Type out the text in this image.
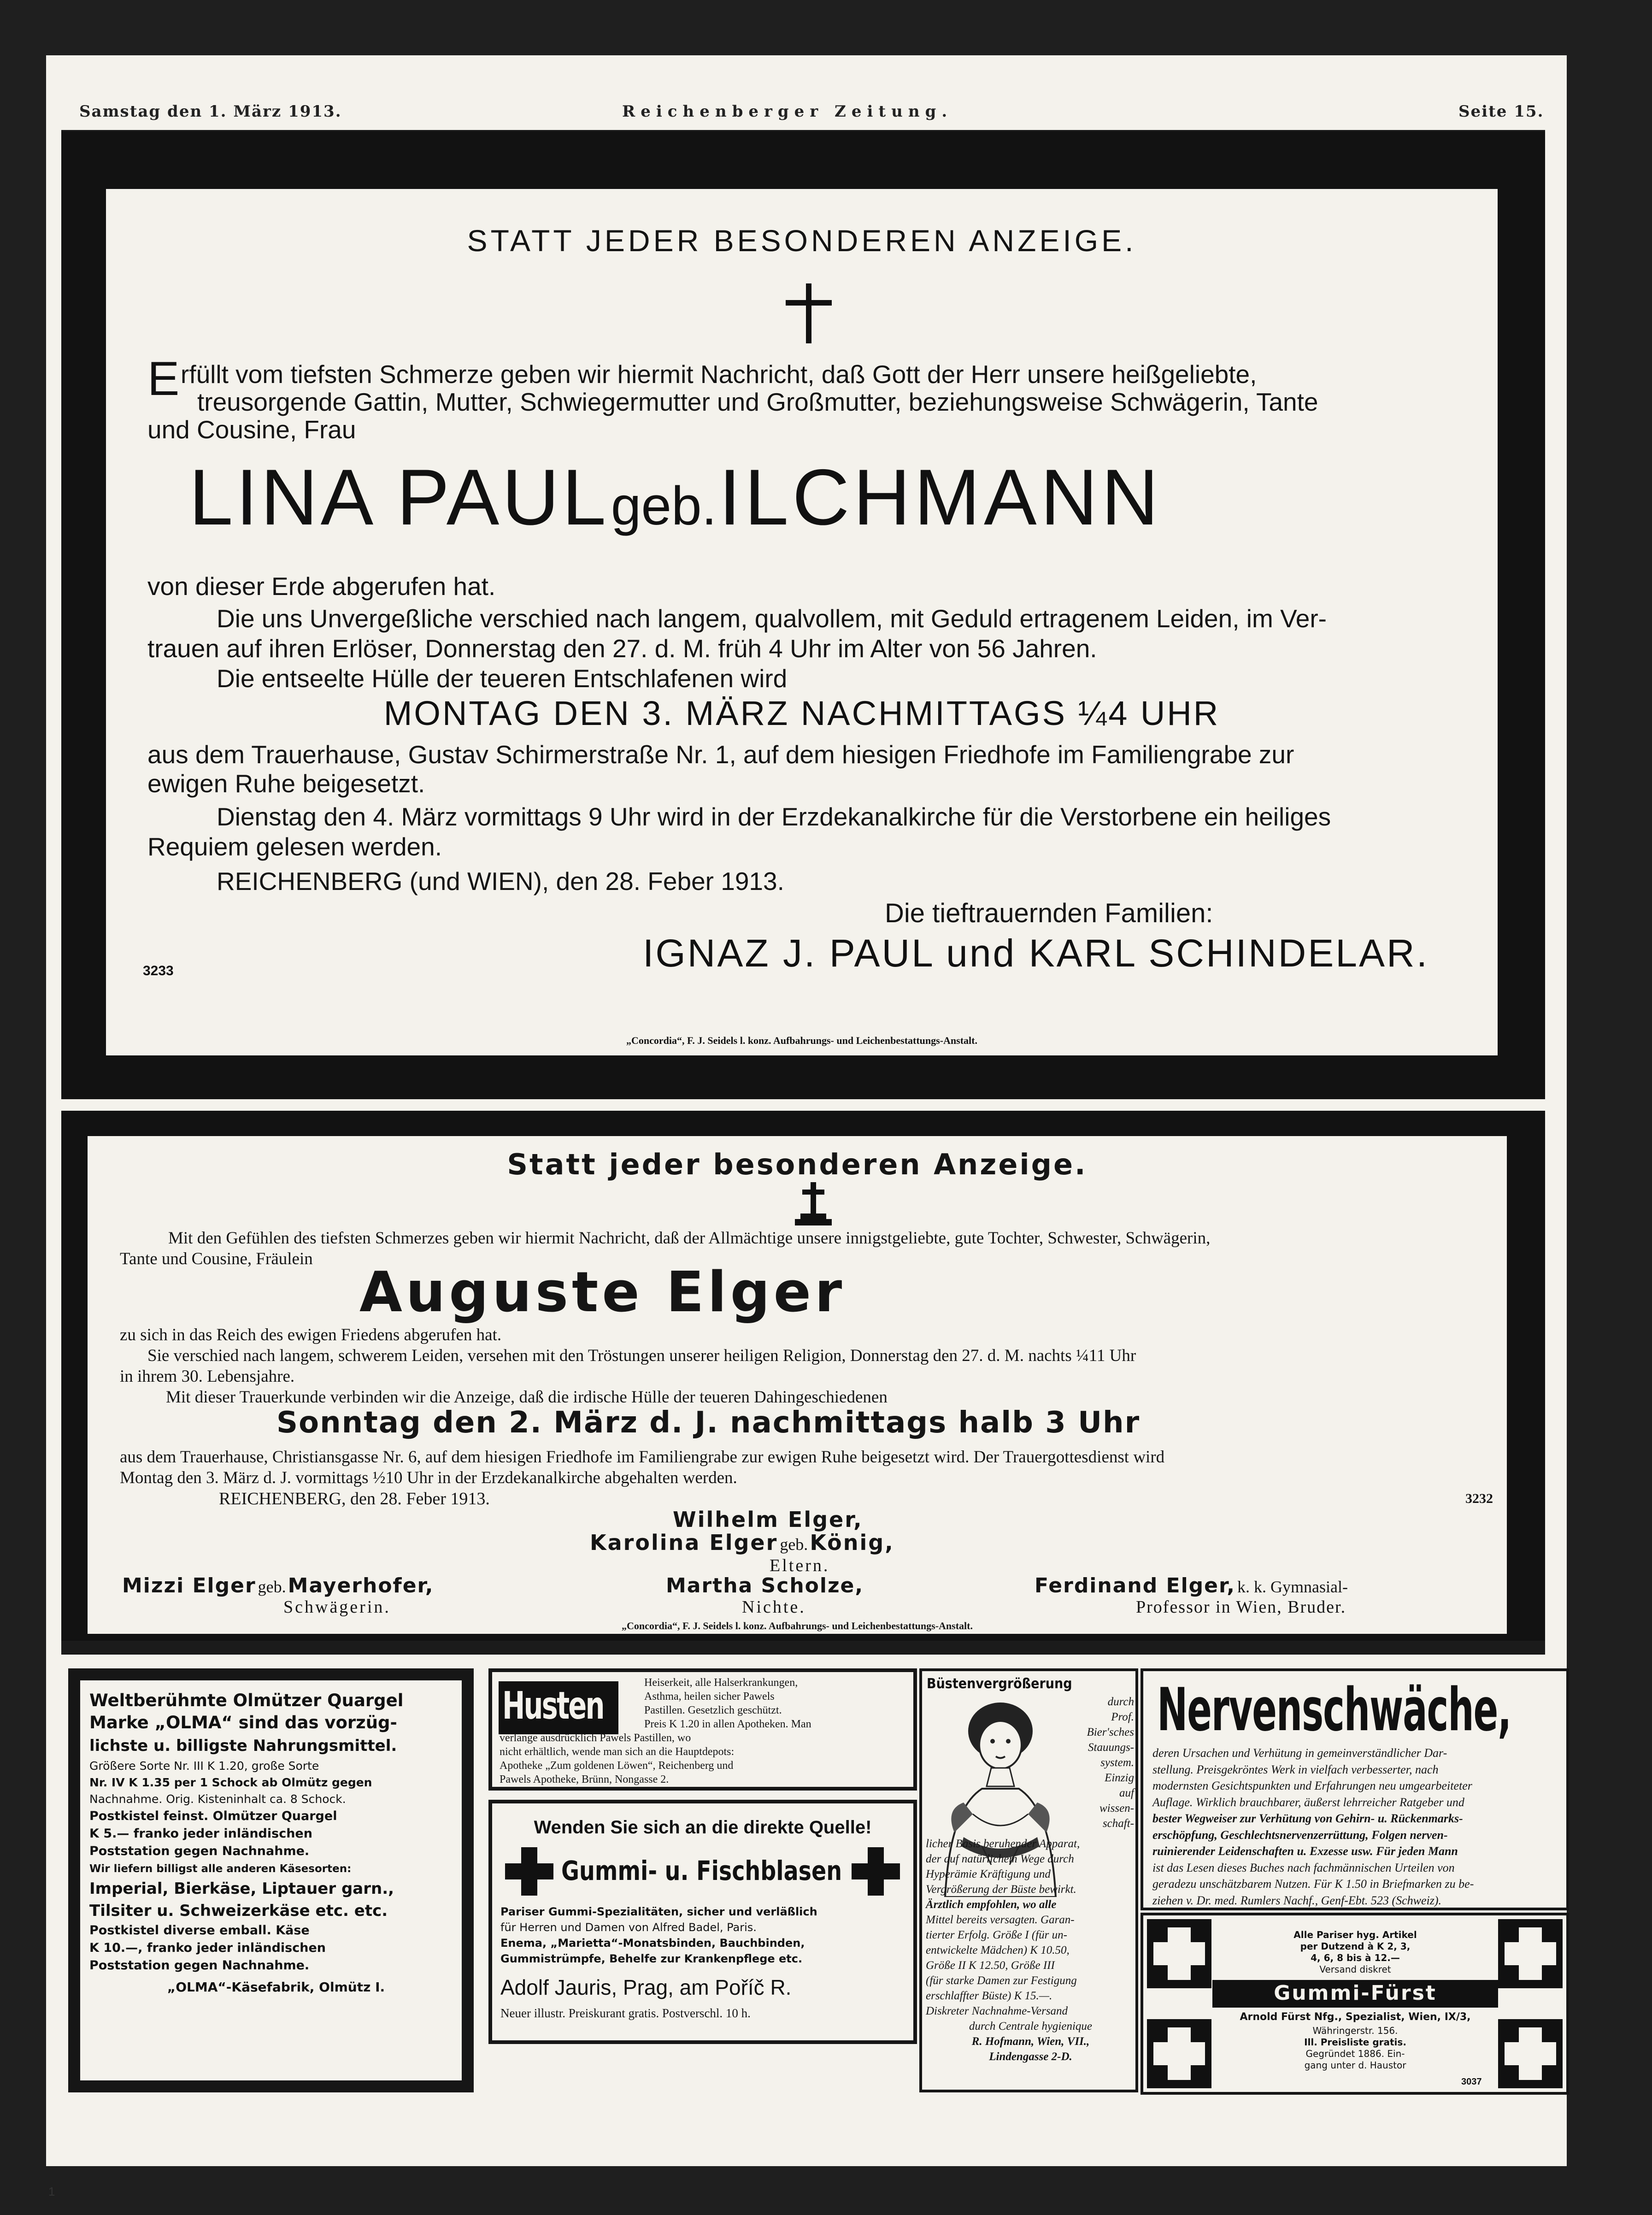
Samstag den 1. März 1913.	Reichenberger Zeitung.	Seite 15.
STATT JEDER BESONDEREN ANZEIGE.
E rfüllt vom tiefsten Schmerze geben wir hiermit Nachricht, daß Gott der Herr unsere heißgeliebte,
treusorgende Gattin, Mutter, Schwiegermutter und Großmutter, beziehungsweise Schwägerin, Tante
und Cousine, Frau
LINA PAUL geb. ILCHMANN
von dieser Erde abgerufen hat.
Die uns Unvergeßliche verschied nach langem, qualvollem, mit Geduld ertragenem Leiden, im Ver-
trauen auf ihren Erlöser, Donnerstag den 27. d. M. früh 4 Uhr im Alter von 56 Jahren.
Die entseelte Hülle der teueren Entschlafenen wird
MONTAG DEN 3. MÄRZ NACHMITTAGS ¼4 UHR
aus dem Trauerhause, Gustav Schirmerstraße Nr. 1, auf dem hiesigen Friedhofe im Familiengrabe zur
ewigen Ruhe beigesetzt.
Dienstag den 4. März vormittags 9 Uhr wird in der Erzdekanalkirche für die Verstorbene ein heiliges
Requiem gelesen werden.
REICHENBERG (und WIEN), den 28. Feber 1913.
Die tieftrauernden Familien:
IGNAZ J. PAUL und KARL SCHINDELAR.
3233
„Concordia“, F. J. Seidels l. konz. Aufbahrungs- und Leichenbestattungs-Anstalt.
Statt jeder besonderen Anzeige.
Mit den Gefühlen des tiefsten Schmerzes geben wir hiermit Nachricht, daß der Allmächtige unsere innigstgeliebte, gute Tochter, Schwester, Schwägerin,
Tante und Cousine, Fräulein
Auguste Elger
zu sich in das Reich des ewigen Friedens abgerufen hat.
Sie verschied nach langem, schwerem Leiden, versehen mit den Tröstungen unserer heiligen Religion, Donnerstag den 27. d. M. nachts ¼11 Uhr
in ihrem 30. Lebensjahre.
Mit dieser Trauerkunde verbinden wir die Anzeige, daß die irdische Hülle der teueren Dahingeschiedenen
Sonntag den 2. März d. J. nachmittags halb 3 Uhr
aus dem Trauerhause, Christiansgasse Nr. 6, auf dem hiesigen Friedhofe im Familiengrabe zur ewigen Ruhe beigesetzt wird. Der Trauergottesdienst wird
Montag den 3. März d. J. vormittags ½10 Uhr in der Erzdekanalkirche abgehalten werden.
REICHENBERG, den 28. Feber 1913.	3232
Wilhelm Elger,
Karolina Elger geb. König,
Eltern.
Mizzi Elger geb. Mayerhofer,
Schwägerin.
Martha Scholze,
Nichte.
Ferdinand Elger, k. k. Gymnasial-
Professor in Wien, Bruder.
„Concordia“, F. J. Seidels l. konz. Aufbahrungs- und Leichenbestattungs-Anstalt.
Weltberühmte Olmützer Quargel
Marke „OLMA“ sind das vorzüg-
lichste u. billigste Nahrungsmittel.
Größere Sorte Nr. III K 1.20, große Sorte
Nr. IV K 1.35 per 1 Schock ab Olmütz gegen
Nachnahme. Orig. Kisteninhalt ca. 8 Schock.
Postkistel feinst. Olmützer Quargel
K 5.— franko jeder inländischen
Poststation gegen Nachnahme.
Wir liefern billigst alle anderen Käsesorten:
Imperial, Bierkäse, Liptauer garn.,
Tilsiter u. Schweizerkäse etc. etc.
Postkistel diverse emball. Käse
K 10.—, franko jeder inländischen
Poststation gegen Nachnahme.
„OLMA“-Käsefabrik, Olmütz I.
Husten
Heiserkeit, alle Halserkrankungen,
Asthma, heilen sicher Pawels
Pastillen. Gesetzlich geschützt.
Preis K 1.20 in allen Apotheken. Man
verlange ausdrücklich Pawels Pastillen, wo
nicht erhältlich, wende man sich an die Hauptdepots:
Apotheke „Zum goldenen Löwen“, Reichenberg und
Pawels Apotheke, Brünn, Nongasse 2.
Wenden Sie sich an die direkte Quelle!
Gummi- u. Fischblasen
Pariser Gummi-Spezialitäten, sicher und verläßlich
für Herren und Damen von Alfred Badel, Paris.
Enema, „Marietta“-Monatsbinden, Bauchbinden,
Gummistrümpfe, Behelfe zur Krankenpflege etc.
Adolf Jauris, Prag, am Poříč R.
Neuer illustr. Preiskurant gratis. Postverschl. 10 h.
Büstenvergrößerung
durch
Prof.
Bier'sches
Stauungs-
system.
Einzig
auf
wissen-
schaft-
licher Basis beruhender Apparat,
der auf natürlichem Wege durch
Hyperämie Kräftigung und
Vergrößerung der Büste bewirkt.
Ärztlich empfohlen, wo alle
Mittel bereits versagten. Garan-
tierter Erfolg. Größe I (für un-
entwickelte Mädchen) K 10.50,
Größe II K 12.50, Größe III
(für starke Damen zur Festigung
erschlaffter Büste) K 15.—.
Diskreter Nachnahme-Versand
durch Centrale hygienique
R. Hofmann, Wien, VII.,
Lindengasse 2-D.
Nervenschwäche,
deren Ursachen und Verhütung in gemeinverständlicher Dar-
stellung. Preisgekröntes Werk in vielfach verbesserter, nach
modernsten Gesichtspunkten und Erfahrungen neu umgearbeiteter
Auflage. Wirklich brauchbarer, äußerst lehrreicher Ratgeber und
bester Wegweiser zur Verhütung von Gehirn- u. Rückenmarks-
erschöpfung, Geschlechtsnervenzerrüttung, Folgen nerven-
ruinierender Leidenschaften u. Exzesse usw. Für jeden Mann
ist das Lesen dieses Buches nach fachmännischen Urteilen von
geradezu unschätzbarem Nutzen. Für K 1.50 in Briefmarken zu be-
ziehen v. Dr. med. Rumlers Nachf., Genf-Ebt. 523 (Schweiz).
Alle Pariser hyg. Artikel
per Dutzend à K 2, 3,
4, 6, 8 bis à 12.—
Versand diskret
Gummi-Fürst
Arnold Fürst Nfg., Spezialist, Wien, IX/3,
Währingerstr. 156.
Ill. Preisliste gratis.
Gegründet 1886. Ein-
gang unter d. Haustor
3037
1
